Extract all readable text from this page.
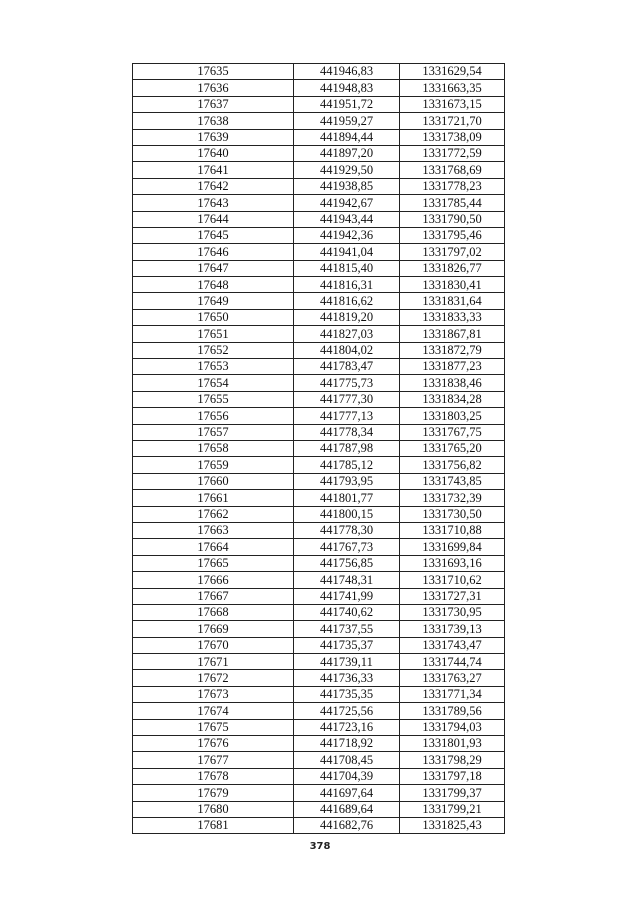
17635	441946,83	1331629,54
17636	441948,83	1331663,35
17637	441951,72	1331673,15
17638	441959,27	1331721,70
17639	441894,44	1331738,09
17640	441897,20	1331772,59
17641	441929,50	1331768,69
17642	441938,85	1331778,23
17643	441942,67	1331785,44
17644	441943,44	1331790,50
17645	441942,36	1331795,46
17646	441941,04	1331797,02
17647	441815,40	1331826,77
17648	441816,31	1331830,41
17649	441816,62	1331831,64
17650	441819,20	1331833,33
17651	441827,03	1331867,81
17652	441804,02	1331872,79
17653	441783,47	1331877,23
17654	441775,73	1331838,46
17655	441777,30	1331834,28
17656	441777,13	1331803,25
17657	441778,34	1331767,75
17658	441787,98	1331765,20
17659	441785,12	1331756,82
17660	441793,95	1331743,85
17661	441801,77	1331732,39
17662	441800,15	1331730,50
17663	441778,30	1331710,88
17664	441767,73	1331699,84
17665	441756,85	1331693,16
17666	441748,31	1331710,62
17667	441741,99	1331727,31
17668	441740,62	1331730,95
17669	441737,55	1331739,13
17670	441735,37	1331743,47
17671	441739,11	1331744,74
17672	441736,33	1331763,27
17673	441735,35	1331771,34
17674	441725,56	1331789,56
17675	441723,16	1331794,03
17676	441718,92	1331801,93
17677	441708,45	1331798,29
17678	441704,39	1331797,18
17679	441697,64	1331799,37
17680	441689,64	1331799,21
17681	441682,76	1331825,43
378
